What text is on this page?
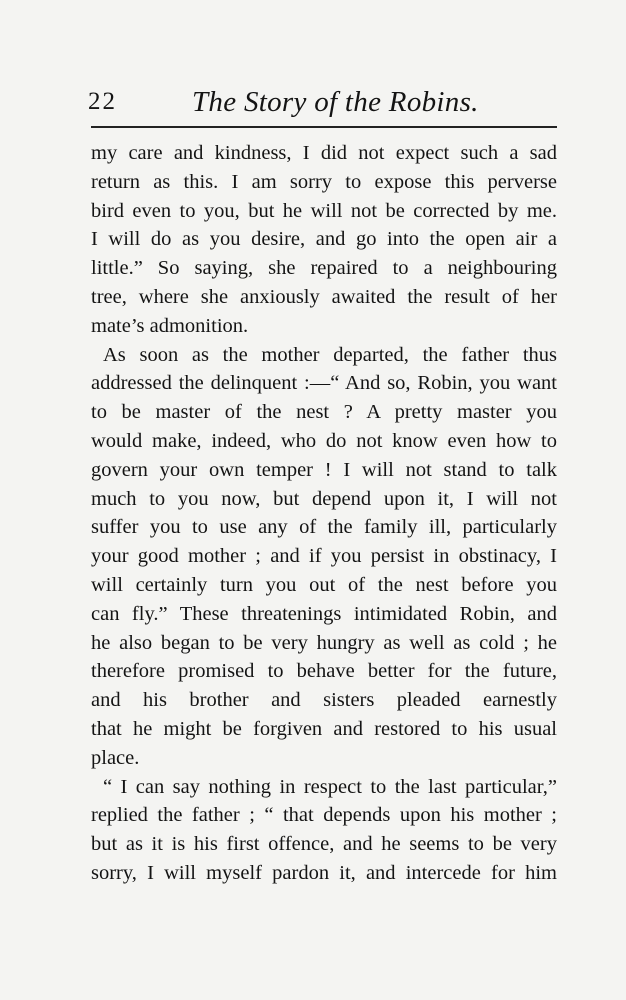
22	The Story of the Robins.
my care and kindness, I did not expect such a sad
return as this. I am sorry to expose this perverse
bird even to you, but he will not be corrected by me.
I will do as you desire, and go into the open air a
little.” So saying, she repaired to a neighbouring
tree, where she anxiously awaited the result of her
mate’s admonition.
As soon as the mother departed, the father thus
addressed the delinquent :—“ And so, Robin, you want
to be master of the nest ? A pretty master you
would make, indeed, who do not know even how to
govern your own temper ! I will not stand to talk
much to you now, but depend upon it, I will not
suffer you to use any of the family ill, particularly
your good mother ; and if you persist in obstinacy, I
will certainly turn you out of the nest before you
can fly.” These threatenings intimidated Robin, and
he also began to be very hungry as well as cold ; he
therefore promised to behave better for the future,
and his brother and sisters pleaded earnestly
that he might be forgiven and restored to his usual
place.
“ I can say nothing in respect to the last particular,”
replied the father ; “ that depends upon his mother ;
but as it is his first offence, and he seems to be very
sorry, I will myself pardon it, and intercede for him
